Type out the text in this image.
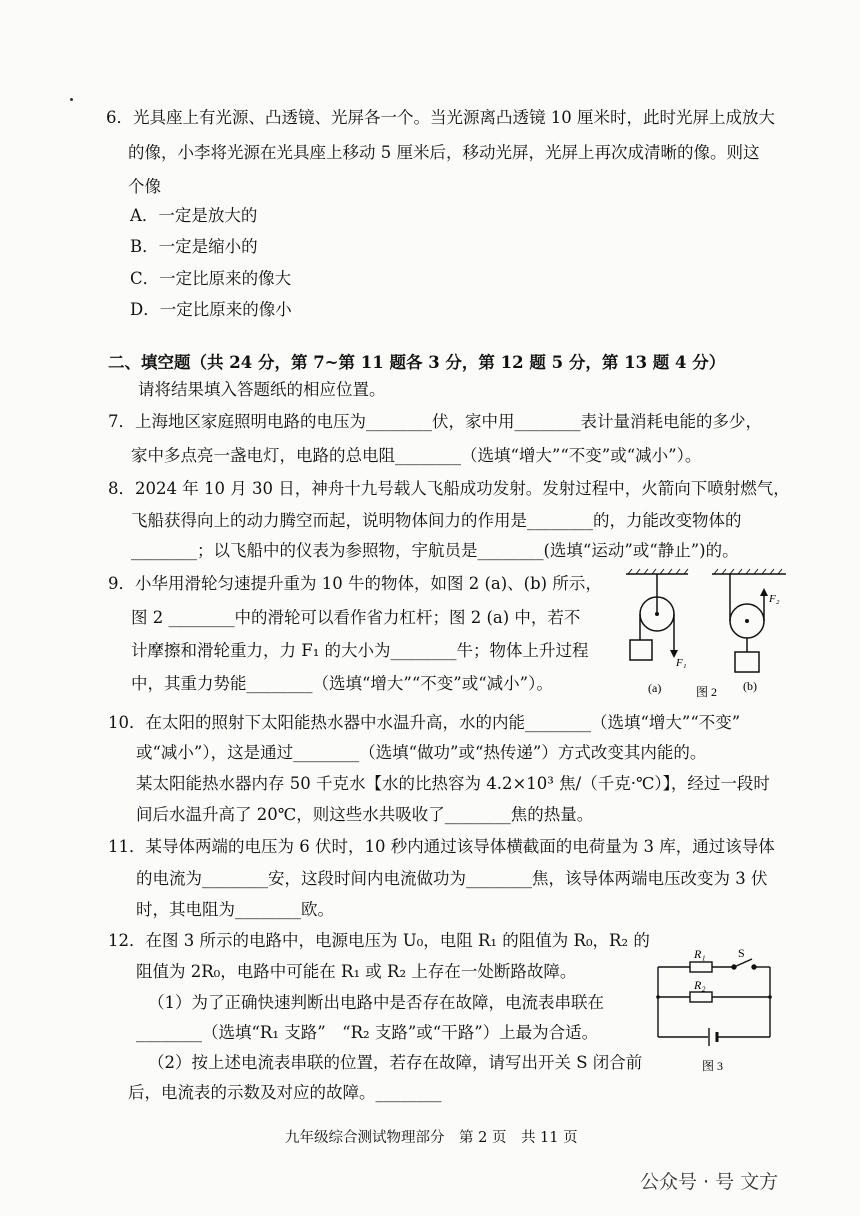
6．光具座上有光源、凸透镜、光屏各一个。当光源离凸透镜 10 厘米时，此时光屏上成放大
的像，小李将光源在光具座上移动 5 厘米后，移动光屏，光屏上再次成清晰的像。则这
个像
A．一定是放大的
B．一定是缩小的
C．一定比原来的像大
D．一定比原来的像小
二、填空题（共 24 分，第 7~第 11 题各 3 分，第 12 题 5 分，第 13 题 4 分）
请将结果填入答题纸的相应位置。
7．上海地区家庭照明电路的电压为________伏，家中用________表计量消耗电能的多少，
家中多点亮一盏电灯，电路的总电阻________（选填“增大”“不变”或“减小”）。
8．2024 年 10 月 30 日，神舟十九号载人飞船成功发射。发射过程中，火箭向下喷射燃气，
飞船获得向上的动力腾空而起，说明物体间力的作用是________的，力能改变物体的
________；以飞船中的仪表为参照物，宇航员是________(选填“运动”或“静止”)的。
9．小华用滑轮匀速提升重为 10 牛的物体，如图 2 (a)、(b) 所示，
图 2 ________中的滑轮可以看作省力杠杆；图 2 (a) 中，若不
计摩擦和滑轮重力，力 F₁ 的大小为________牛；物体上升过程
中，其重力势能________（选填“增大”“不变”或“减小”）。
F₁
(a)
F₂
(b)
图 2
10．在太阳的照射下太阳能热水器中水温升高，水的内能________（选填“增大”“不变”
或“减小”），这是通过________（选填“做功”或“热传递”）方式改变其内能的。
某太阳能热水器内存 50 千克水【水的比热容为 4.2×10³ 焦/（千克·℃）】，经过一段时
间后水温升高了 20℃，则这些水共吸收了________焦的热量。
11．某导体两端的电压为 6 伏时，10 秒内通过该导体横截面的电荷量为 3 库，通过该导体
的电流为________安，这段时间内电流做功为________焦，该导体两端电压改变为 3 伏
时，其电阻为________欧。
12．在图 3 所示的电路中，电源电压为 U₀，电阻 R₁ 的阻值为 R₀，R₂ 的
阻值为 2R₀，电路中可能在 R₁ 或 R₂ 上存在一处断路故障。
（1）为了正确快速判断出电路中是否存在故障，电流表串联在
________（选填“R₁ 支路”　“R₂ 支路”或“干路”）上最为合适。
（2）按上述电流表串联的位置，若存在故障，请写出开关 S 闭合前
后，电流表的示数及对应的故障。________
R₁
R₂
S
图 3
九年级综合测试物理部分　第 2 页　共 11 页
公众号 · 号 文方
